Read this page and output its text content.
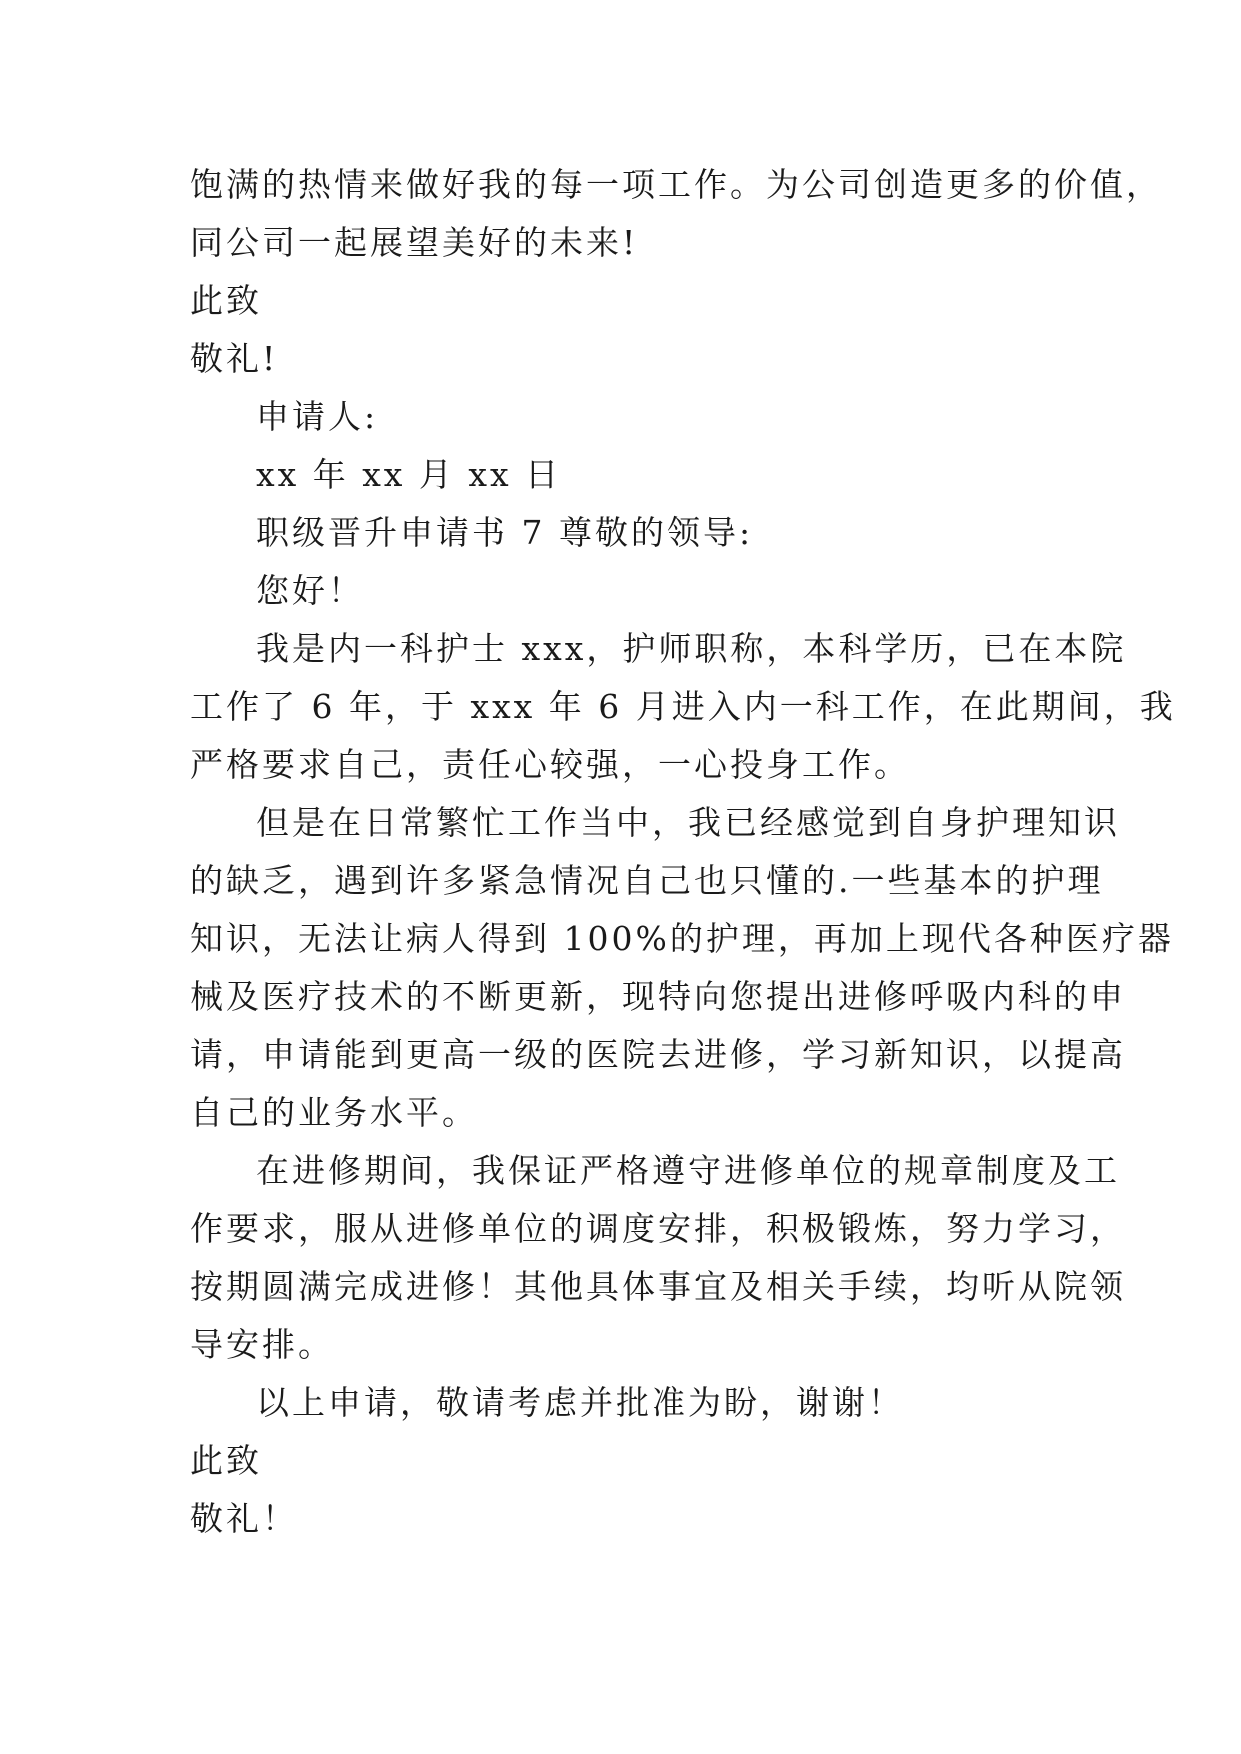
饱满的热情来做好我的每一项工作。为公司创造更多的价值，
同公司一起展望美好的未来!
此致
敬礼!
申请人:
xx 年 xx 月 xx 日
职级晋升申请书 7 尊敬的领导:
您好！
我是内一科护士 xxx，护师职称，本科学历，已在本院
工作了 6 年，于 xxx 年 6 月进入内一科工作，在此期间，我
严格要求自己，责任心较强，一心投身工作。
但是在日常繁忙工作当中，我已经感觉到自身护理知识
的缺乏，遇到许多紧急情况自己也只懂的.一些基本的护理
知识，无法让病人得到 100%的护理，再加上现代各种医疗器
械及医疗技术的不断更新，现特向您提出进修呼吸内科的申
请，申请能到更高一级的医院去进修，学习新知识，以提高
自己的业务水平。
在进修期间，我保证严格遵守进修单位的规章制度及工
作要求，服从进修单位的调度安排，积极锻炼，努力学习，
按期圆满完成进修！其他具体事宜及相关手续，均听从院领
导安排。
以上申请，敬请考虑并批准为盼，谢谢！
此致
敬礼！
